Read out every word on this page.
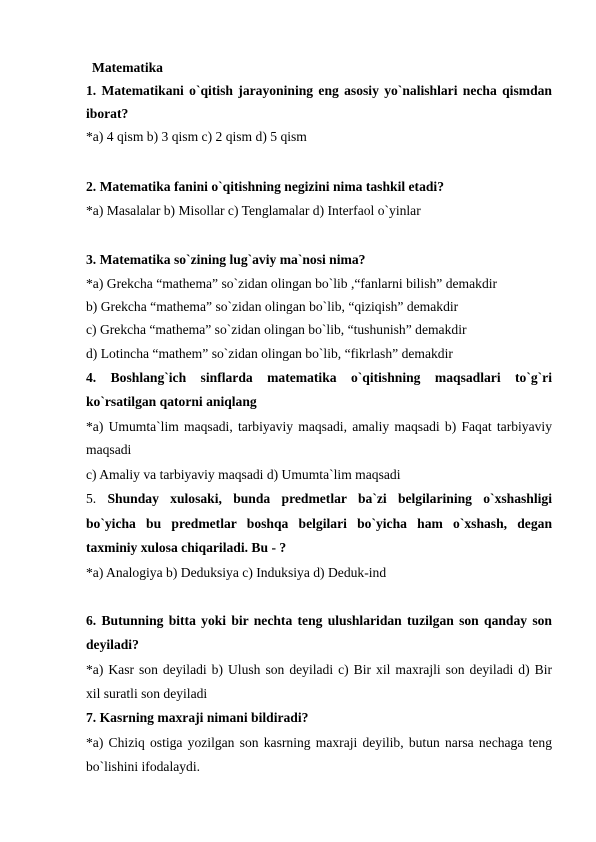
Matematika
1. Matematikani o`qitish jarayonining eng asosiy yo`nalishlari necha qismdan
iborat?
*a) 4 qism b) 3 qism c) 2 qism d) 5 qism
2. Matematika fanini o`qitishning negizini nima tashkil etadi?
*a) Masalalar b) Misollar c) Tenglamalar d) Interfaol o`yinlar
3. Matematika so`zining lug`aviy ma`nosi nima?
*a) Grekcha “mathema” so`zidan olingan bo`lib ,“fanlarni bilish” demakdir
b) Grekcha “mathema” so`zidan olingan bo`lib, “qiziqish” demakdir
c) Grekcha “mathema” so`zidan olingan bo`lib, “tushunish” demakdir
d) Lotincha “mathem” so`zidan olingan bo`lib, “fikrlash” demakdir
4. Boshlang`ich sinflarda matematika o`qitishning maqsadlari to`g`ri
ko`rsatilgan qatorni aniqlang
*a) Umumta`lim maqsadi, tarbiyaviy maqsadi, amaliy maqsadi b) Faqat tarbiyaviy
maqsadi
c) Amaliy va tarbiyaviy maqsadi d) Umumta`lim maqsadi
5. Shunday xulosaki, bunda predmetlar ba`zi belgilarining o`xshashligi
bo`yicha bu predmetlar boshqa belgilari bo`yicha ham o`xshash, degan
taxminiy xulosa chiqariladi. Bu - ?
*a) Analogiya b) Deduksiya c) Induksiya d) Deduk-ind
6. Butunning bitta yoki bir nechta teng ulushlaridan tuzilgan son qanday son
deyiladi?
*a) Kasr son deyiladi b) Ulush son deyiladi c) Bir xil maxrajli son deyiladi d) Bir
xil suratli son deyiladi
7. Kasrning maxraji nimani bildiradi?
*a) Chiziq ostiga yozilgan son kasrning maxraji deyilib, butun narsa nechaga teng
bo`lishini ifodalaydi.
